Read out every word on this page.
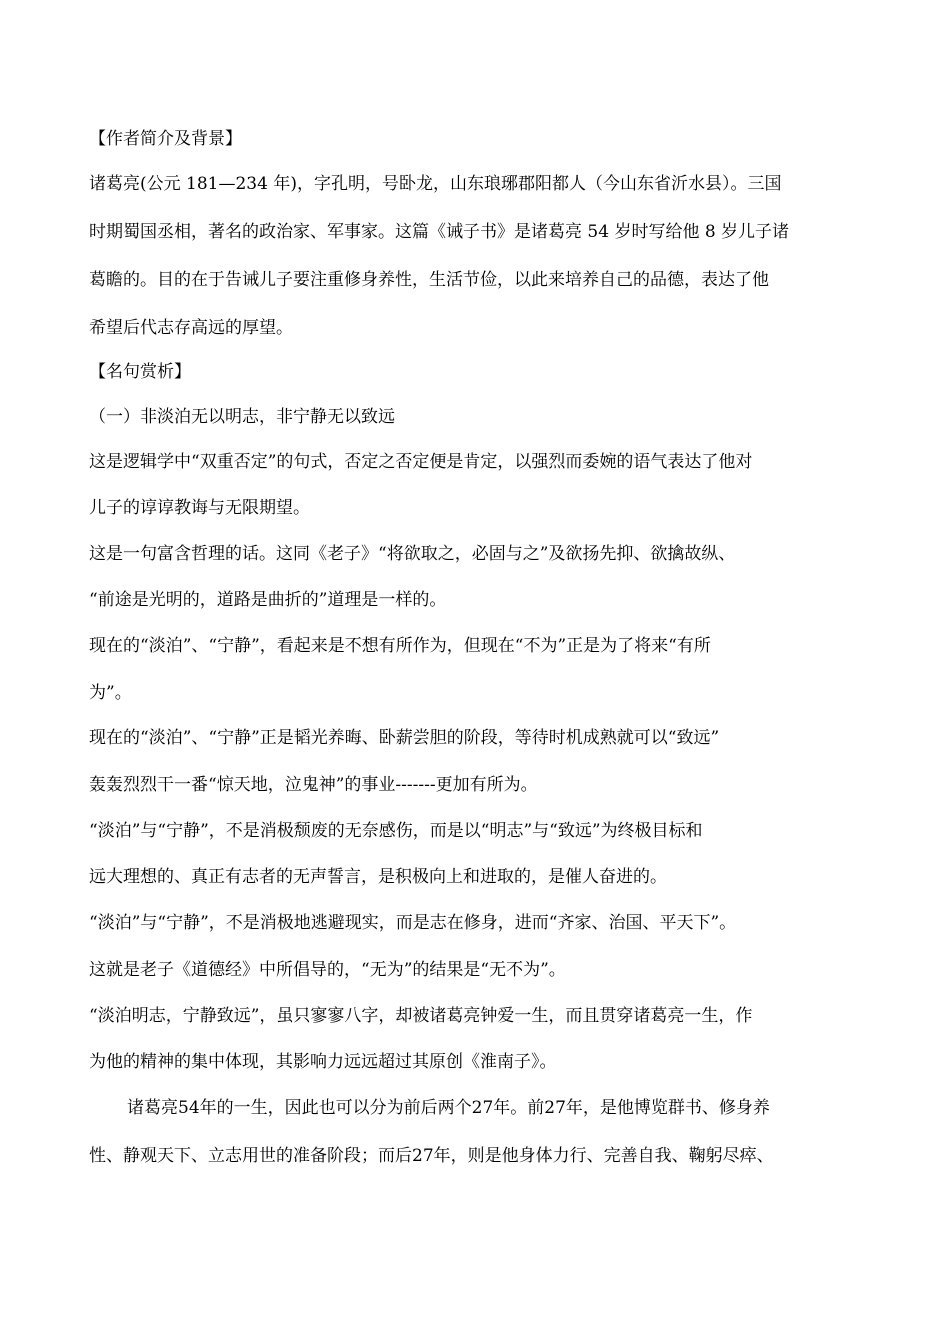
【作者简介及背景】
诸葛亮(公元 181—234 年)，字孔明，号卧龙，山东琅琊郡阳都人（今山东省沂水县）。三国
时期蜀国丞相，著名的政治家、军事家。这篇《诫子书》是诸葛亮 54 岁时写给他 8 岁儿子诸
葛瞻的。目的在于告诫儿子要注重修身养性，生活节俭，以此来培养自己的品德，表达了他
希望后代志存高远的厚望。
【名句赏析】
（一）非淡泊无以明志，非宁静无以致远
这是逻辑学中“双重否定”的句式，否定之否定便是肯定，以强烈而委婉的语气表达了他对
儿子的谆谆教诲与无限期望。
这是一句富含哲理的话。这同《老子》“将欲取之，必固与之”及欲扬先抑、欲擒故纵、
“前途是光明的，道路是曲折的”道理是一样的。
现在的“淡泊”、“宁静”，看起来是不想有所作为，但现在“不为”正是为了将来“有所
为”。
现在的“淡泊”、“宁静”正是韬光养晦、卧薪尝胆的阶段，等待时机成熟就可以“致远”
轰轰烈烈干一番“惊天地，泣鬼神”的事业-------更加有所为。
“淡泊”与“宁静”，不是消极颓废的无奈感伤，而是以“明志”与“致远”为终极目标和
远大理想的、真正有志者的无声誓言，是积极向上和进取的，是催人奋进的。
“淡泊”与“宁静”，不是消极地逃避现实，而是志在修身，进而“齐家、治国、平天下”。
这就是老子《道德经》中所倡导的，“无为”的结果是“无不为”。
“淡泊明志，宁静致远”，虽只寥寥八字，却被诸葛亮钟爱一生，而且贯穿诸葛亮一生，作
为他的精神的集中体现，其影响力远远超过其原创《淮南子》。
诸葛亮54年的一生，因此也可以分为前后两个27年。前27年，是他博览群书、修身养
性、静观天下、立志用世的准备阶段；而后27年，则是他身体力行、完善自我、鞠躬尽瘁、
